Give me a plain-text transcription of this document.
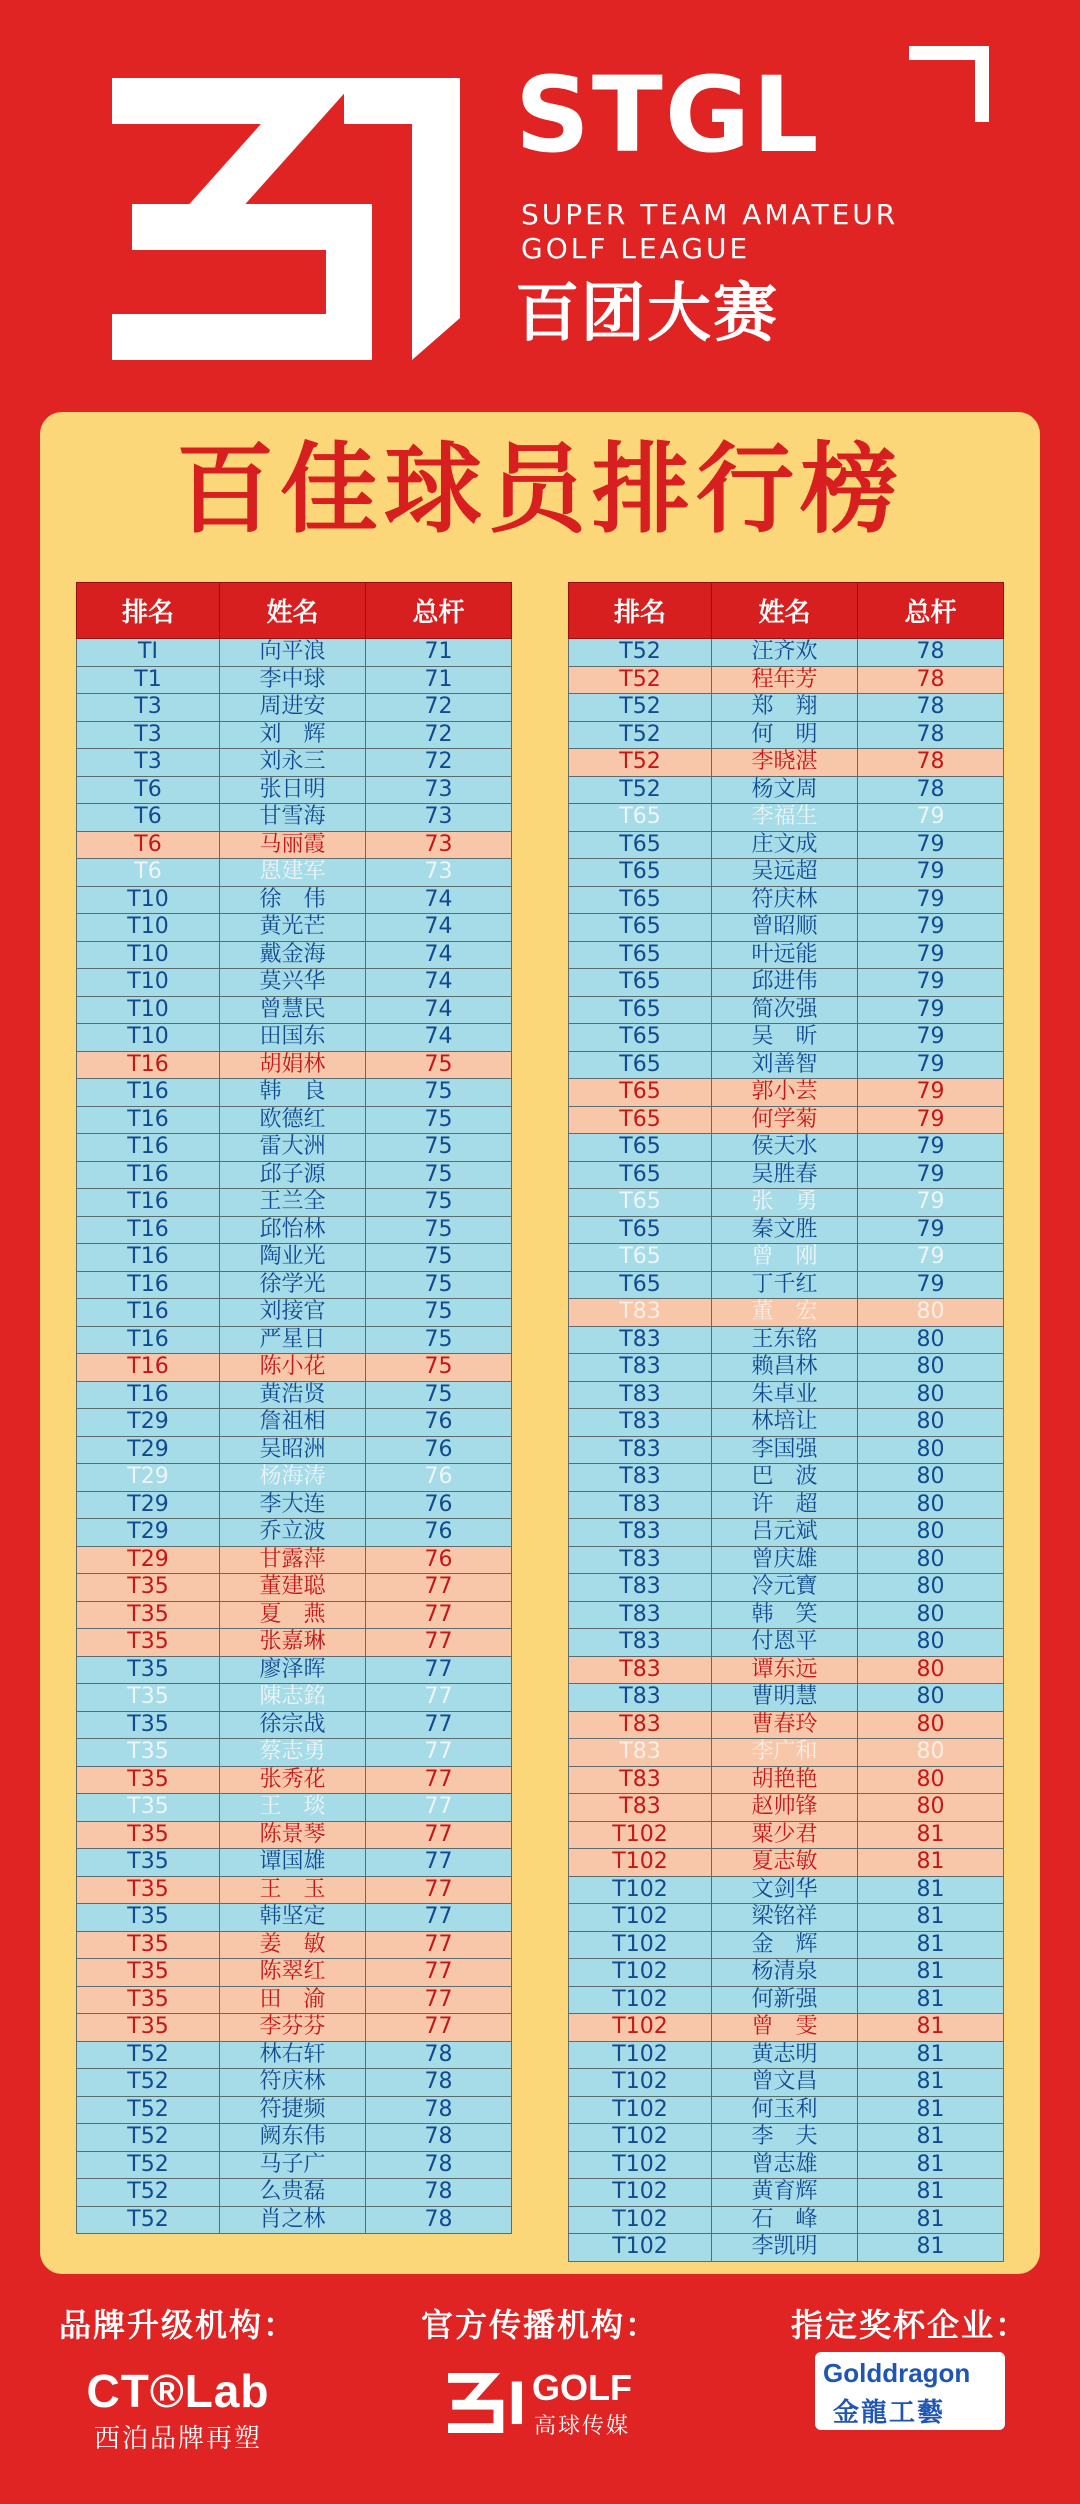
STGL
SUPER TEAM AMATEUR
GOLF LEAGUE
百团大赛
百佳球员排行榜
排名	姓名	总杆
TI	向平浪	71
T1	李中球	71
T3	周进安	72
T3	刘　辉	72
T3	刘永三	72
T6	张日明	73
T6	甘雪海	73
T6	马丽霞	73
T6	恩建军	73
T10	徐　伟	74
T10	黄光芒	74
T10	戴金海	74
T10	莫兴华	74
T10	曾慧民	74
T10	田国东	74
T16	胡娟林	75
T16	韩　良	75
T16	欧德红	75
T16	雷大洲	75
T16	邱子源	75
T16	王兰全	75
T16	邱怡林	75
T16	陶业光	75
T16	徐学光	75
T16	刘接官	75
T16	严星日	75
T16	陈小花	75
T16	黄浩贤	75
T29	詹祖相	76
T29	吴昭洲	76
T29	杨海涛	76
T29	李大连	76
T29	乔立波	76
T29	甘露萍	76
T35	董建聪	77
T35	夏　燕	77
T35	张嘉琳	77
T35	廖泽晖	77
T35	陳志銘	77
T35	徐宗战	77
T35	蔡志勇	77
T35	张秀花	77
T35	王　琰	77
T35	陈景琴	77
T35	谭国雄	77
T35	王　玉	77
T35	韩坚定	77
T35	姜　敏	77
T35	陈翠红	77
T35	田　渝	77
T35	李芬芬	77
T52	林右轩	78
T52	符庆林	78
T52	符捷频	78
T52	阙东伟	78
T52	马子广	78
T52	么贵磊	78
T52	肖之林	78
排名	姓名	总杆
T52	汪齐欢	78
T52	程年芳	78
T52	郑　翔	78
T52	何　明	78
T52	李晓湛	78
T52	杨文周	78
T65	李福生	79
T65	庄文成	79
T65	吴远超	79
T65	符庆林	79
T65	曾昭顺	79
T65	叶远能	79
T65	邱进伟	79
T65	简次强	79
T65	吴　昕	79
T65	刘善智	79
T65	郭小芸	79
T65	何学菊	79
T65	侯天水	79
T65	吴胜春	79
T65	张　勇	79
T65	秦文胜	79
T65	曾　刚	79
T65	丁千红	79
T83	董　宏	80
T83	王东铭	80
T83	赖昌林	80
T83	朱卓业	80
T83	林培让	80
T83	李国强	80
T83	巴　波	80
T83	许　超	80
T83	吕元斌	80
T83	曾庆雄	80
T83	冷元寶	80
T83	韩　笑	80
T83	付恩平	80
T83	谭东远	80
T83	曹明慧	80
T83	曹春玲	80
T83	李广和	80
T83	胡艳艳	80
T83	赵帅锋	80
T102	粟少君	81
T102	夏志敏	81
T102	文剑华	81
T102	梁铭祥	81
T102	金　辉	81
T102	杨清泉	81
T102	何新强	81
T102	曾　雯	81
T102	黄志明	81
T102	曾文昌	81
T102	何玉利	81
T102	李　夫	81
T102	曾志雄	81
T102	黄育辉	81
T102	石　峰	81
T102	李凯明	81
品牌升级机构：
CT®Lab
西泊品牌再塑
官方传播机构：
GOLF
高球传媒
指定奖杯企业：
Golddragon
金龍工藝
